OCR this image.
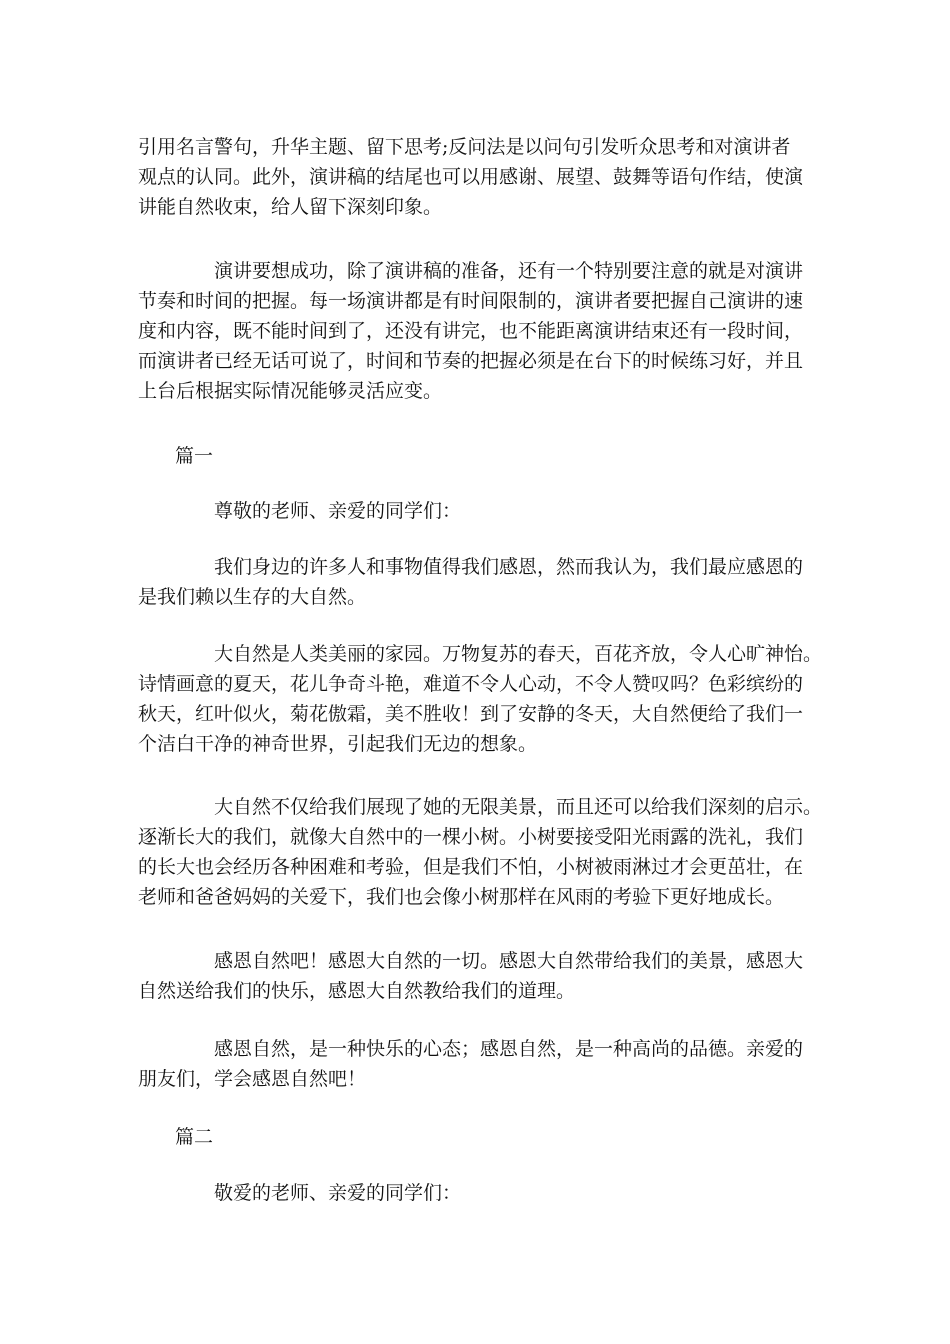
引用名言警句，升华主题、留下思考;反问法是以问句引发听众思考和对演讲者
观点的认同。此外，演讲稿的结尾也可以用感谢、展望、鼓舞等语句作结，使演
讲能自然收束，给人留下深刻印象。

演讲要想成功，除了演讲稿的准备，还有一个特别要注意的就是对演讲
节奏和时间的把握。每一场演讲都是有时间限制的，演讲者要把握自己演讲的速
度和内容，既不能时间到了，还没有讲完，也不能距离演讲结束还有一段时间，
而演讲者已经无话可说了，时间和节奏的把握必须是在台下的时候练习好，并且
上台后根据实际情况能够灵活应变。

篇一

尊敬的老师、亲爱的同学们：

我们身边的许多人和事物值得我们感恩，然而我认为，我们最应感恩的
是我们赖以生存的大自然。

大自然是人类美丽的家园。万物复苏的春天，百花齐放，令人心旷神怡。
诗情画意的夏天，花儿争奇斗艳，难道不令人心动，不令人赞叹吗？色彩缤纷的
秋天，红叶似火，菊花傲霜，美不胜收！到了安静的冬天，大自然便给了我们一
个洁白干净的神奇世界，引起我们无边的想象。

大自然不仅给我们展现了她的无限美景，而且还可以给我们深刻的启示。
逐渐长大的我们，就像大自然中的一棵小树。小树要接受阳光雨露的洗礼，我们
的长大也会经历各种困难和考验，但是我们不怕，小树被雨淋过才会更茁壮，在
老师和爸爸妈妈的关爱下，我们也会像小树那样在风雨的考验下更好地成长。

感恩自然吧！感恩大自然的一切。感恩大自然带给我们的美景，感恩大
自然送给我们的快乐，感恩大自然教给我们的道理。

感恩自然，是一种快乐的心态；感恩自然，是一种高尚的品德。亲爱的
朋友们，学会感恩自然吧！

篇二

敬爱的老师、亲爱的同学们：
